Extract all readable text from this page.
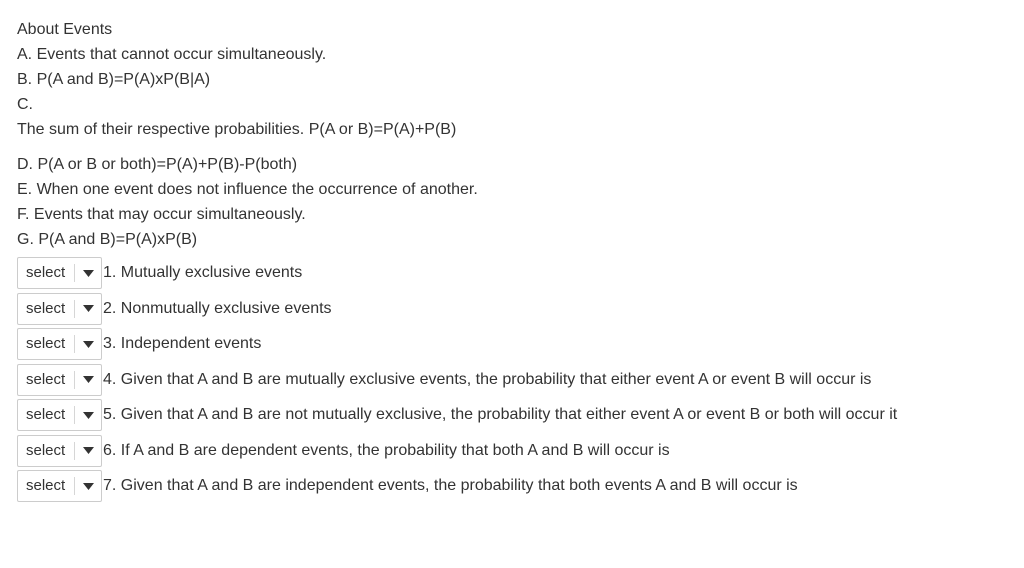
About Events
A. Events that cannot occur simultaneously.
B. P(A and B)=P(A)xP(B|A)
C.
The sum of their respective probabilities. P(A or B)=P(A)+P(B)
D. P(A or B or both)=P(A)+P(B)-P(both)
E. When one event does not influence the occurrence of another.
F. Events that may occur simultaneously.
G. P(A and B)=P(A)xP(B)
select	1. Mutually exclusive events
select	2. Nonmutually exclusive events
select	3. Independent events
select	4. Given that A and B are mutually exclusive events, the probability that either event A or event B will occur is
select	5. Given that A and B are not mutually exclusive, the probability that either event A or event B or both will occur it
select	6. If A and B are dependent events, the probability that both A and B will occur is
select	7. Given that A and B are independent events, the probability that both events A and B will occur is
